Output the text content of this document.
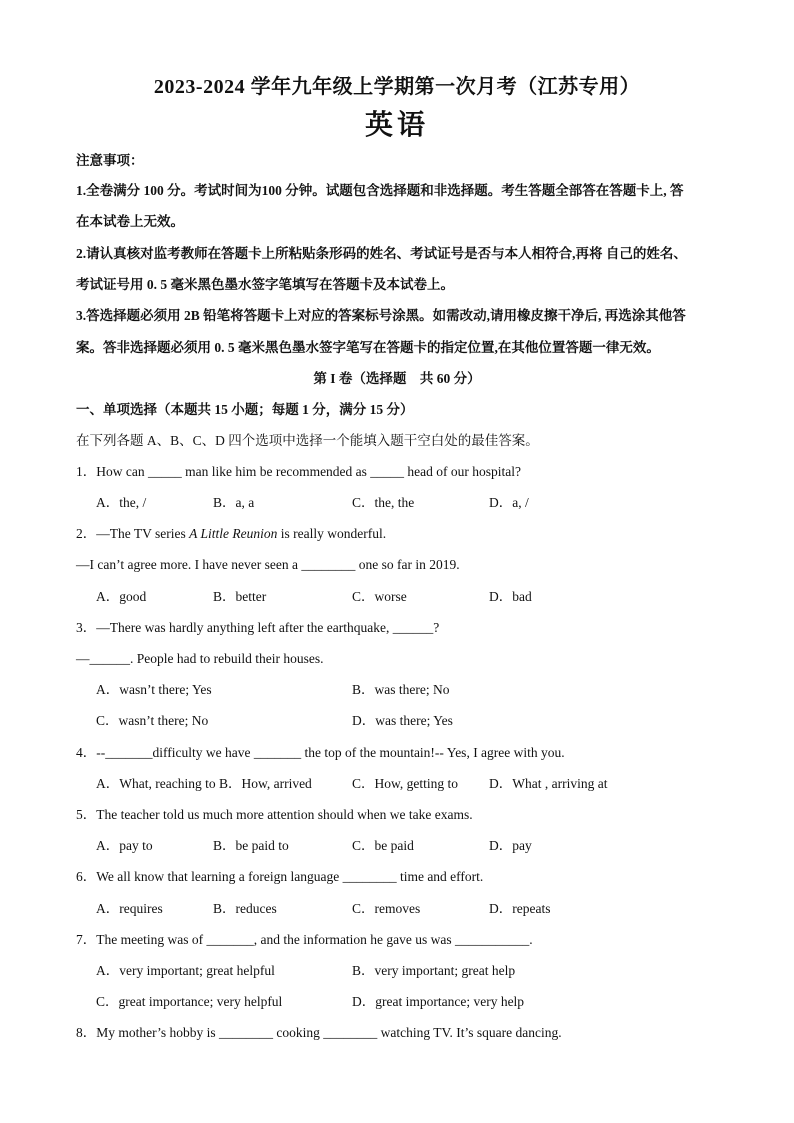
2023-2024 学年九年级上学期第一次月考（江苏专用）
英语
注意事项：
1.全卷满分 100 分。考试时间为100 分钟。试题包含选择题和非选择题。考生答题全部答在答题卡上, 答
在本试卷上无效。
2.请认真核对监考教师在答题卡上所粘贴条形码的姓名、考试证号是否与本人相符合,再将 自己的姓名、
考试证号用 0. 5 毫米黑色墨水签字笔填写在答题卡及本试卷上。
3.答选择题必须用 2B 铅笔将答题卡上对应的答案标号涂黑。如需改动,请用橡皮擦干净后, 再选涂其他答
案。答非选择题必须用 0. 5 毫米黑色墨水签字笔写在答题卡的指定位置,在其他位置答题一律无效。
第 I 卷（选择题　共 60 分）
一、单项选择（本题共 15 小题；每题 1 分，满分 15 分）
在下列各题 A、B、C、D 四个选项中选择一个能填入题干空白处的最佳答案。
1．How can _____ man like him be recommended as _____ head of our hospital?
A．the, /	B．a, a	C．the, the	D．a, /
2．—The TV series A Little Reunion is really wonderful.
—I can’t agree more. I have never seen a ________ one so far in 2019.
A．good	B．better	C．worse	D．bad
3．—There was hardly anything left after the earthquake, ______?
—______. People had to rebuild their houses.
A．wasn’t there; Yes	B．was there; No
C．wasn’t there; No	D．was there; Yes
4．--_______difficulty we have _______ the top of the mountain!-- Yes, I agree with you.
A．What, reaching to B．How, arrived	C．How, getting to D．What , arriving at
5．The teacher told us much more attention should when we take exams.
A．pay to	B．be paid to	C．be paid	D．pay
6．We all know that learning a foreign language ________ time and effort.
A．requires	B．reduces	C．removes	D．repeats
7．The meeting was of _______, and the information he gave us was ___________.
A．very important; great helpful	B．very important; great help
C．great importance; very helpful	D．great importance; very help
8．My mother’s hobby is ________ cooking ________ watching TV. It’s square dancing.
